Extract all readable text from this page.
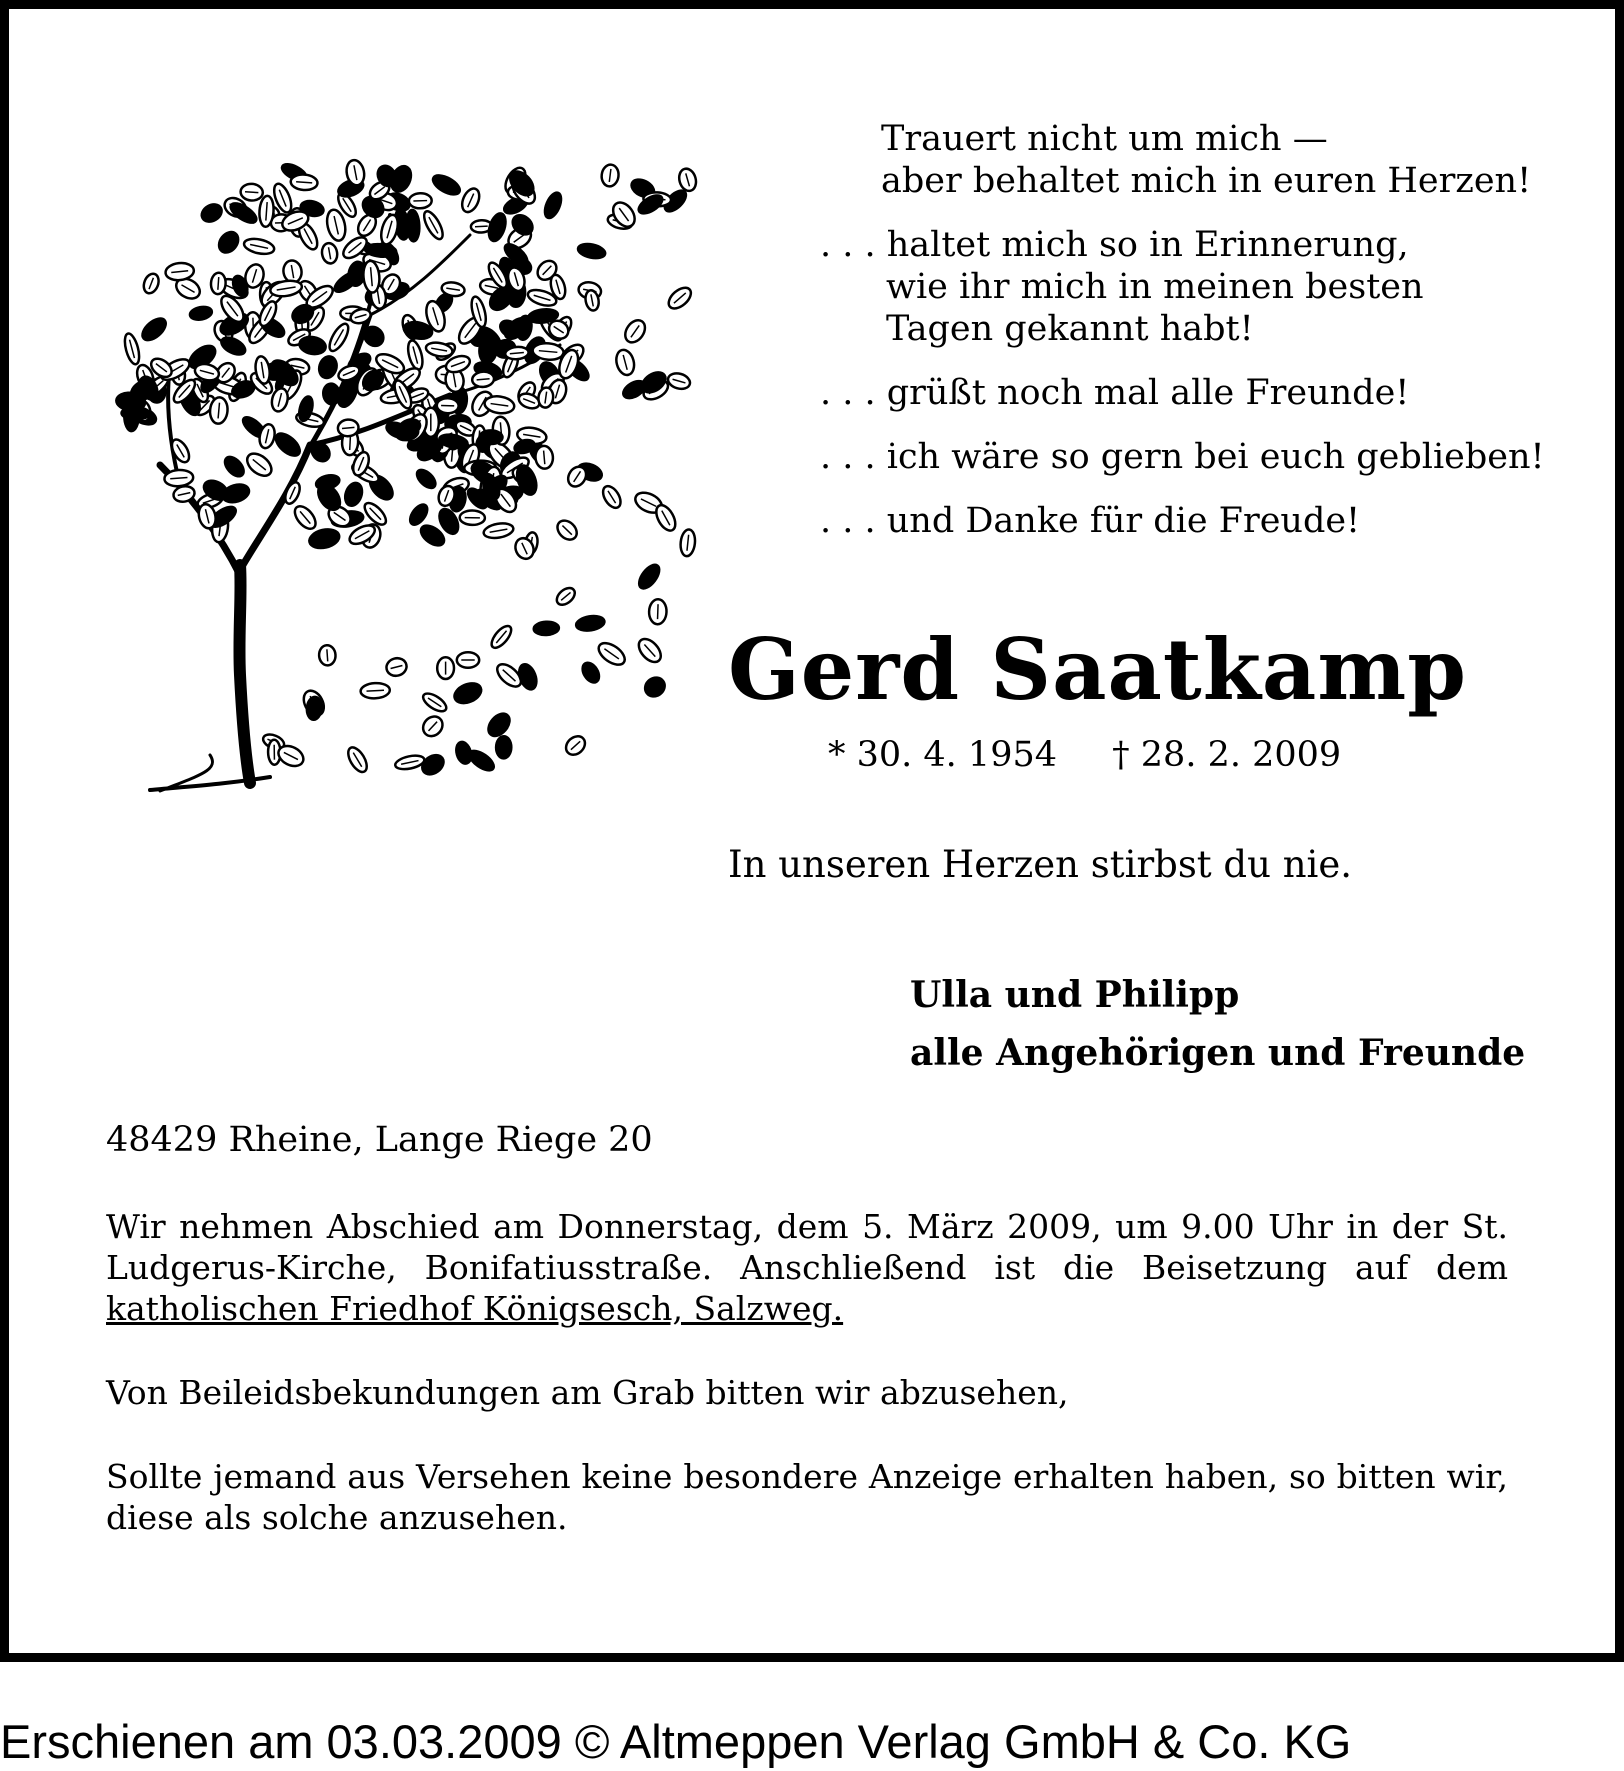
Trauert nicht um mich —
aber behaltet mich in euren Herzen!
. . . haltet mich so in Erinnerung,
wie ihr mich in meinen besten
Tagen gekannt habt!
. . . grüßt noch mal alle Freunde!
. . . ich wäre so gern bei euch geblieben!
. . . und Danke für die Freude!
Gerd Saatkamp
* 30. 4. 1954 † 28. 2. 2009
In unseren Herzen stirbst du nie.
Ulla und Philipp
alle Angehörigen und Freunde
48429 Rheine, Lange Riege 20
Wir nehmen Abschied am Donnerstag, dem 5. März 2009, um 9.00 Uhr in der St. Ludgerus-Kirche, Bonifatiusstraße. Anschließend ist die Beisetzung auf dem katholischen Friedhof Königsesch, Salzweg.
Von Beileidsbekundungen am Grab bitten wir abzusehen,
Sollte jemand aus Versehen keine besondere Anzeige erhalten haben, so bitten wir, diese als solche anzusehen.
Erschienen am 03.03.2009 © Altmeppen Verlag GmbH & Co. KG
